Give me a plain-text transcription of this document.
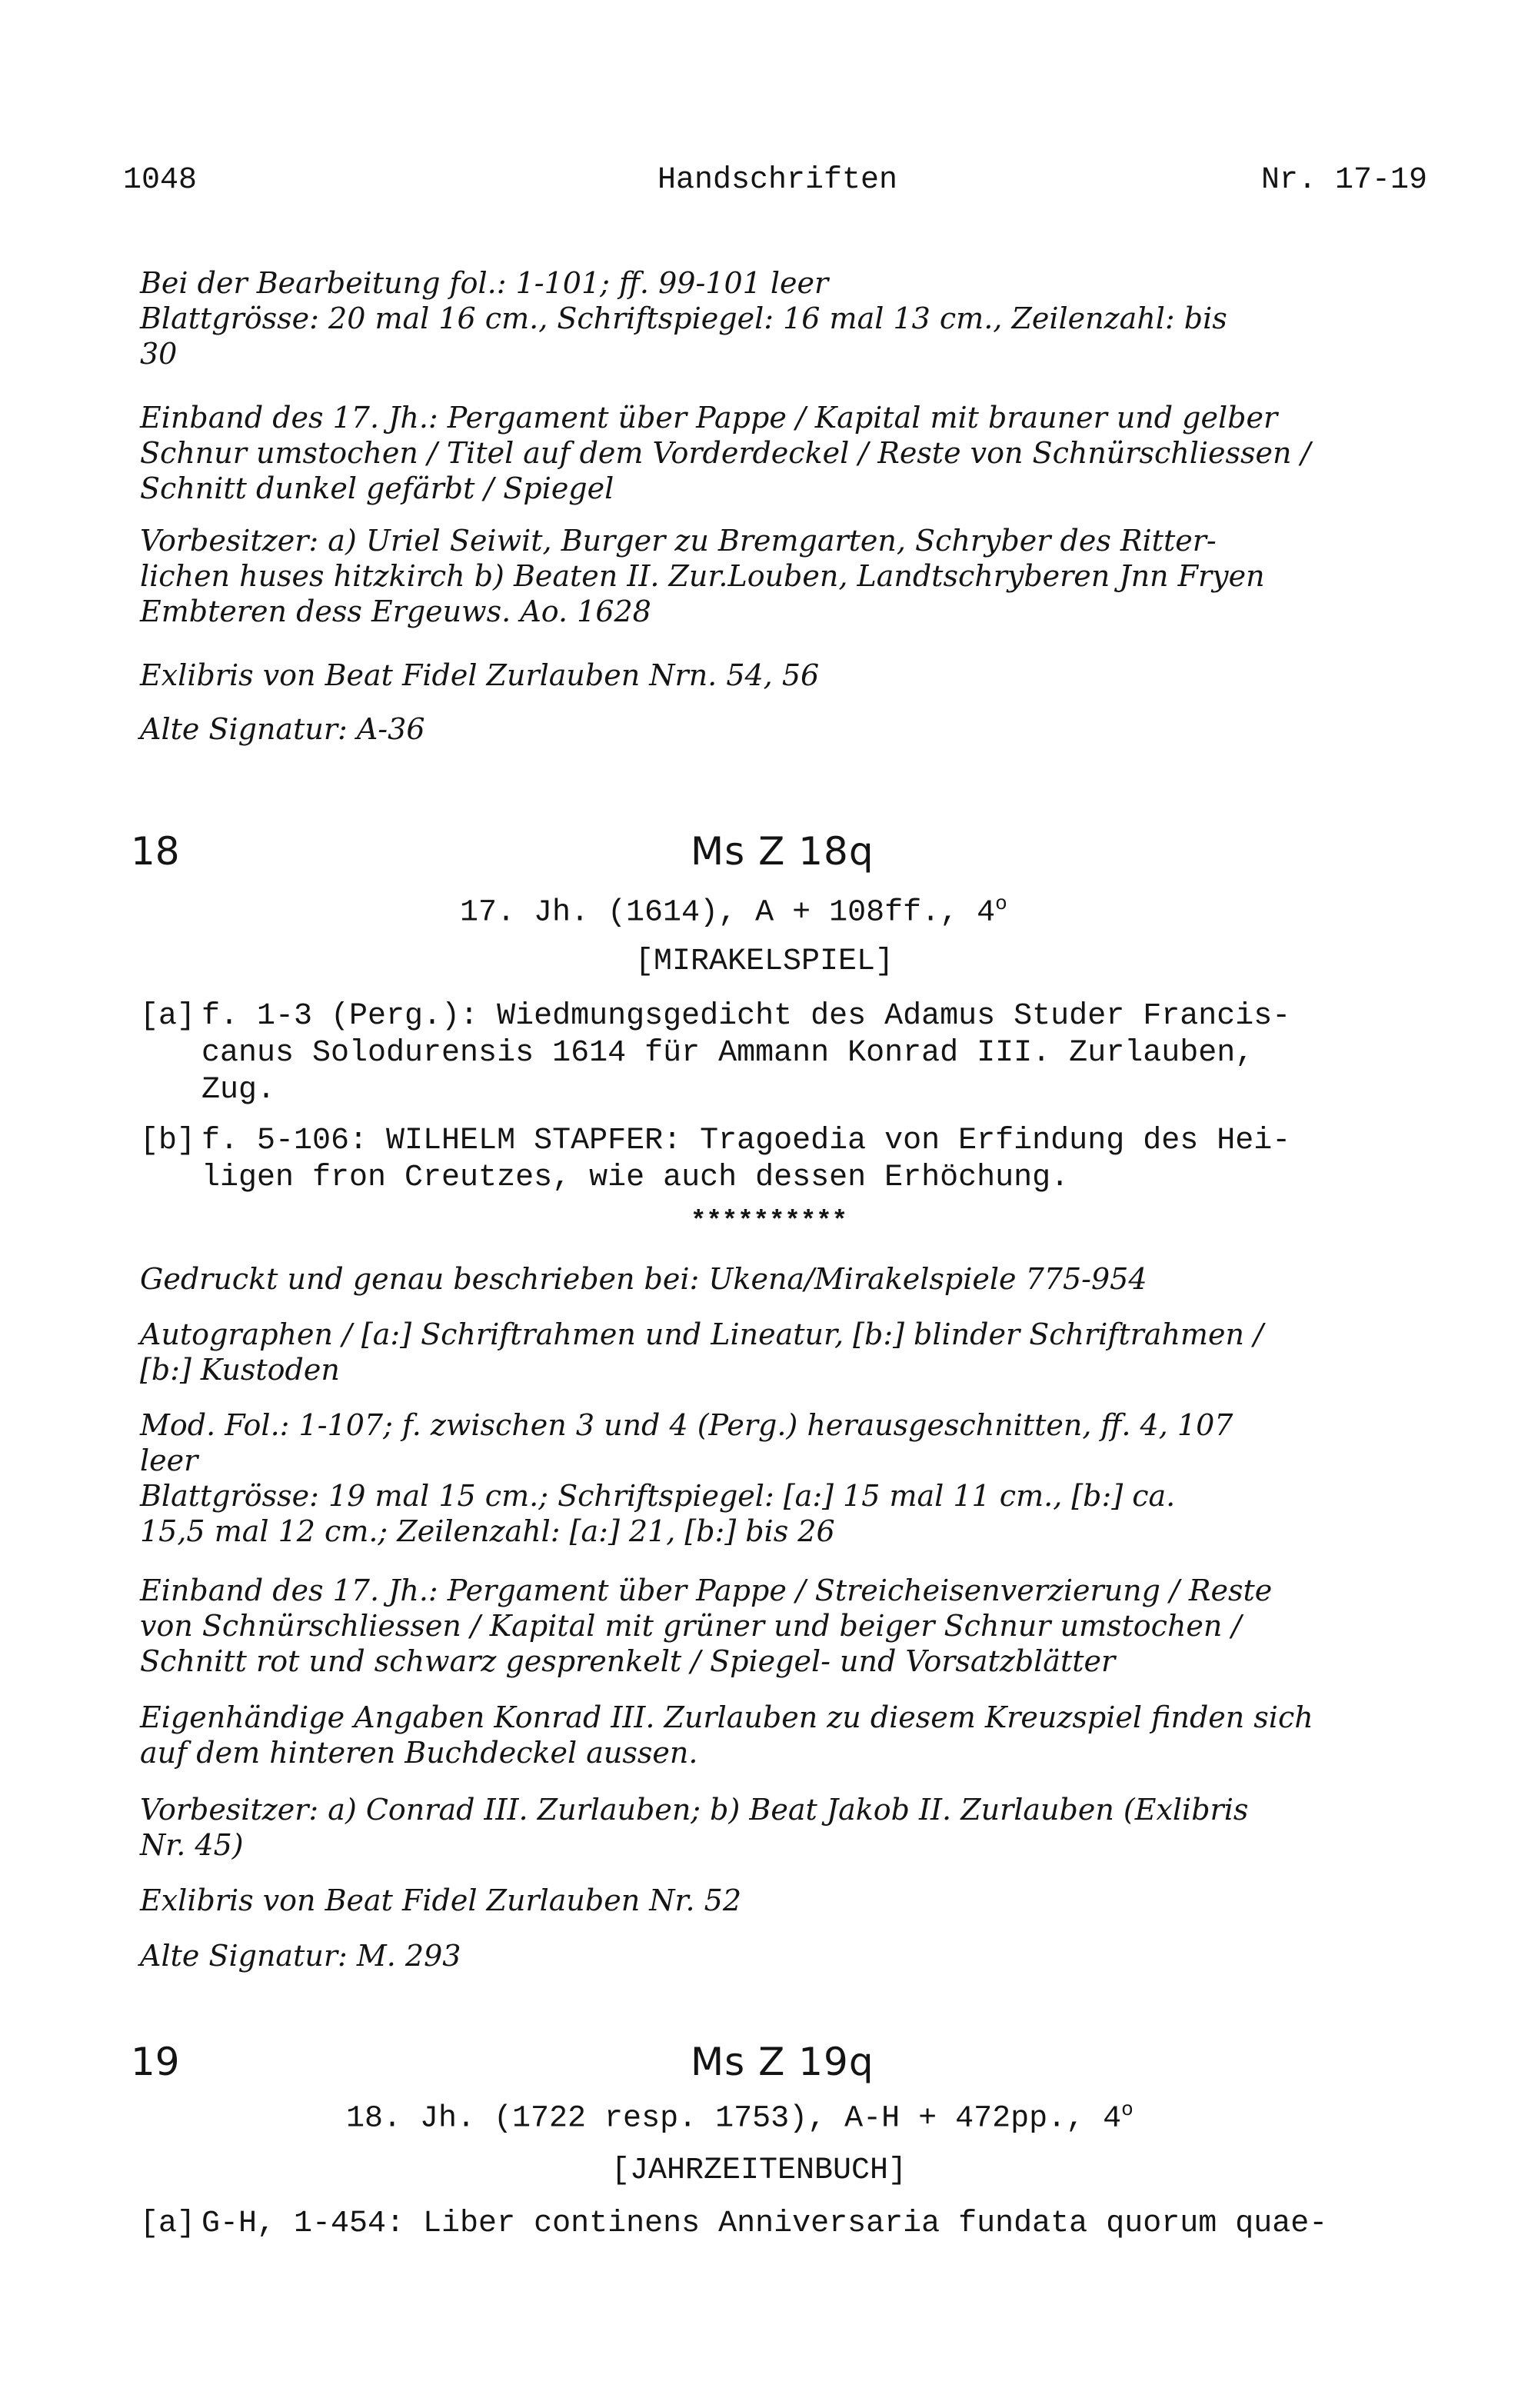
1048	Handschriften	Nr. 17-19

Bei der Bearbeitung fol.: 1-101; ff. 99-101 leer

Blattgrösse: 20 mal 16 cm., Schriftspiegel: 16 mal 13 cm., Zeilenzahl: bis

30

Einband des 17. Jh.: Pergament über Pappe / Kapital mit brauner und gelber

Schnur umstochen / Titel auf dem Vorderdeckel / Reste von Schnürschliessen /

Schnitt dunkel gefärbt / Spiegel

Vorbesitzer: a) Uriel Seiwit, Burger zu Bremgarten, Schryber des Ritter-

lichen huses hitzkirch b) Beaten II. Zur.Louben, Landtschryberen Jnn Fryen

Embteren dess Ergeuws. Ao. 1628

Exlibris von Beat Fidel Zurlauben Nrn. 54, 56

Alte Signatur: A-36

18	Ms Z 18q
17. Jh. (1614), A + 108ff., 4$^o$
[MIRAKELSPIEL]
[a] f. 1-3 (Perg.): Wiedmungsgedicht des Adamus Studer Francis-
canus Solodurensis 1614 für Ammann Konrad III. Zurlauben,
Zug.
[b] f. 5-106: WILHELM STAPFER: Tragoedia von Erfindung des Hei-
ligen fron Creutzes, wie auch dessen Erhöchung.
**********

Gedruckt und genau beschrieben bei: Ukena/Mirakelspiele 775-954

Autographen / [a:] Schriftrahmen und Lineatur, [b:] blinder Schriftrahmen /

[b:] Kustoden

Mod. Fol.: 1-107; f. zwischen 3 und 4 (Perg.) herausgeschnitten, ff. 4, 107

leer

Blattgrösse: 19 mal 15 cm.; Schriftspiegel: [a:] 15 mal 11 cm., [b:] ca.

15,5 mal 12 cm.; Zeilenzahl: [a:] 21, [b:] bis 26

Einband des 17. Jh.: Pergament über Pappe / Streicheisenverzierung / Reste

von Schnürschliessen / Kapital mit grüner und beiger Schnur umstochen /

Schnitt rot und schwarz gesprenkelt / Spiegel- und Vorsatzblätter

Eigenhändige Angaben Konrad III. Zurlauben zu diesem Kreuzspiel finden sich

auf dem hinteren Buchdeckel aussen.

Vorbesitzer: a) Conrad III. Zurlauben; b) Beat Jakob II. Zurlauben (Exlibris

Nr. 45)

Exlibris von Beat Fidel Zurlauben Nr. 52

Alte Signatur: M. 293

19	Ms Z 19q
18. Jh. (1722 resp. 1753), A-H + 472pp., 4$^o$
[JAHRZEITENBUCH]
[a] G-H, 1-454: Liber continens Anniversaria fundata quorum quae-
